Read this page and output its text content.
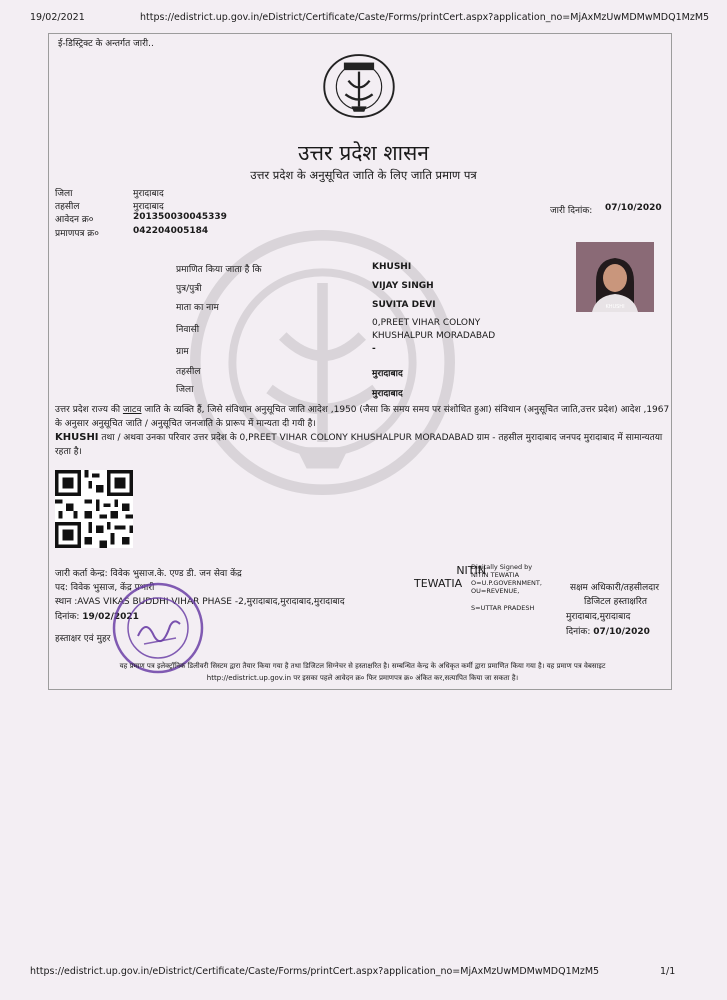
19/02/2021	https://edistrict.up.gov.in/eDistrict/Certificate/Caste/Forms/printCert.aspx?application_no=MjAxMzUwMDMwMDQ1MzM5
https://edistrict.up.gov.in/eDistrict/Certificate/Caste/Forms/printCert.aspx?application_no=MjAxMzUwMDMwMDQ1MzM5	1/1
ई-डिस्ट्रिक्ट के अन्तर्गत जारी..
उत्तर प्रदेश शासन
उत्तर प्रदेश के अनुसूचित जाति के लिए जाति प्रमाण पत्र
जिला	मुरादाबाद
तहसील	मुरादाबाद
आवेदन क्र०	201350030045339
प्रमाणपत्र क्र०	042204005184
जारी दिनांक: 07/10/2020
प्रमाणित किया जाता है कि	KHUSHI
पुत्र/पुत्री	VIJAY SINGH
माता का नाम	SUVITA DEVI
निवासी
0,PREET VIHAR COLONY
KHUSHALPUR MORADABAD
ग्राम	-
तहसील	मुरादाबाद
जिला	मुरादाबाद
KHUSHI
उत्तर प्रदेश राज्य की जाटव जाति के व्यक्ति हैं, जिसे संविधान अनुसूचित जाति आदेश ,1950 (जैसा कि समय समय पर संशोधित हुआ) संविधान (अनुसूचित जाति,उत्तर प्रदेश) आदेश ,1967 के अनुसार अनुसूचित जाति / अनुसूचित जनजाति के प्रारूप में मान्यता दी गयी है।
KHUSHI तथा / अथवा उनका परिवार उत्तर प्रदेश के 0,PREET VIHAR COLONY KHUSHALPUR MORADABAD ग्राम - तहसील मुरादाबाद जनपद मुरादाबाद में सामान्यतया रहता है।
जारी कर्ता केन्द्र: विवेक भुसाज.के. एण्ड डी. जन सेवा केंद्र
पद: विवेक भुसाज, केंद्र प्रभारी
स्थान :AVAS VIKAS BUDDHI VIHAR PHASE -2,मुरादाबाद,मुरादाबाद,मुरादाबाद
दिनांक: 19/02/2021
हस्ताक्षर एवं मुहर
NITIN
TEWATIA
Digitally Signed by
NITIN TEWATIA
O=U.P.GOVERNMENT,
OU=REVENUE,
S=UTTAR PRADESH
सक्षम अधिकारी/तहसीलदार
डिजिटल हस्ताक्षरित
मुरादाबाद,मुरादाबाद
दिनांक: 07/10/2020
यह प्रमाण पत्र इलेक्ट्रॉनिक डिलीवरी सिस्टम द्वारा तैयार किया गया है तथा डिजिटल सिग्नेचर से हस्ताक्षरित है। सम्बन्धित केन्द्र के अधिकृत कर्मी द्वारा प्रमाणित किया गया है। यह प्रमाण पत्र वेबसाइट
http://edistrict.up.gov.in पर इसका पहले आवेदन क्र० फिर प्रमाणपत्र क्र० अंकित कर,सत्यापित किया जा सकता है।
